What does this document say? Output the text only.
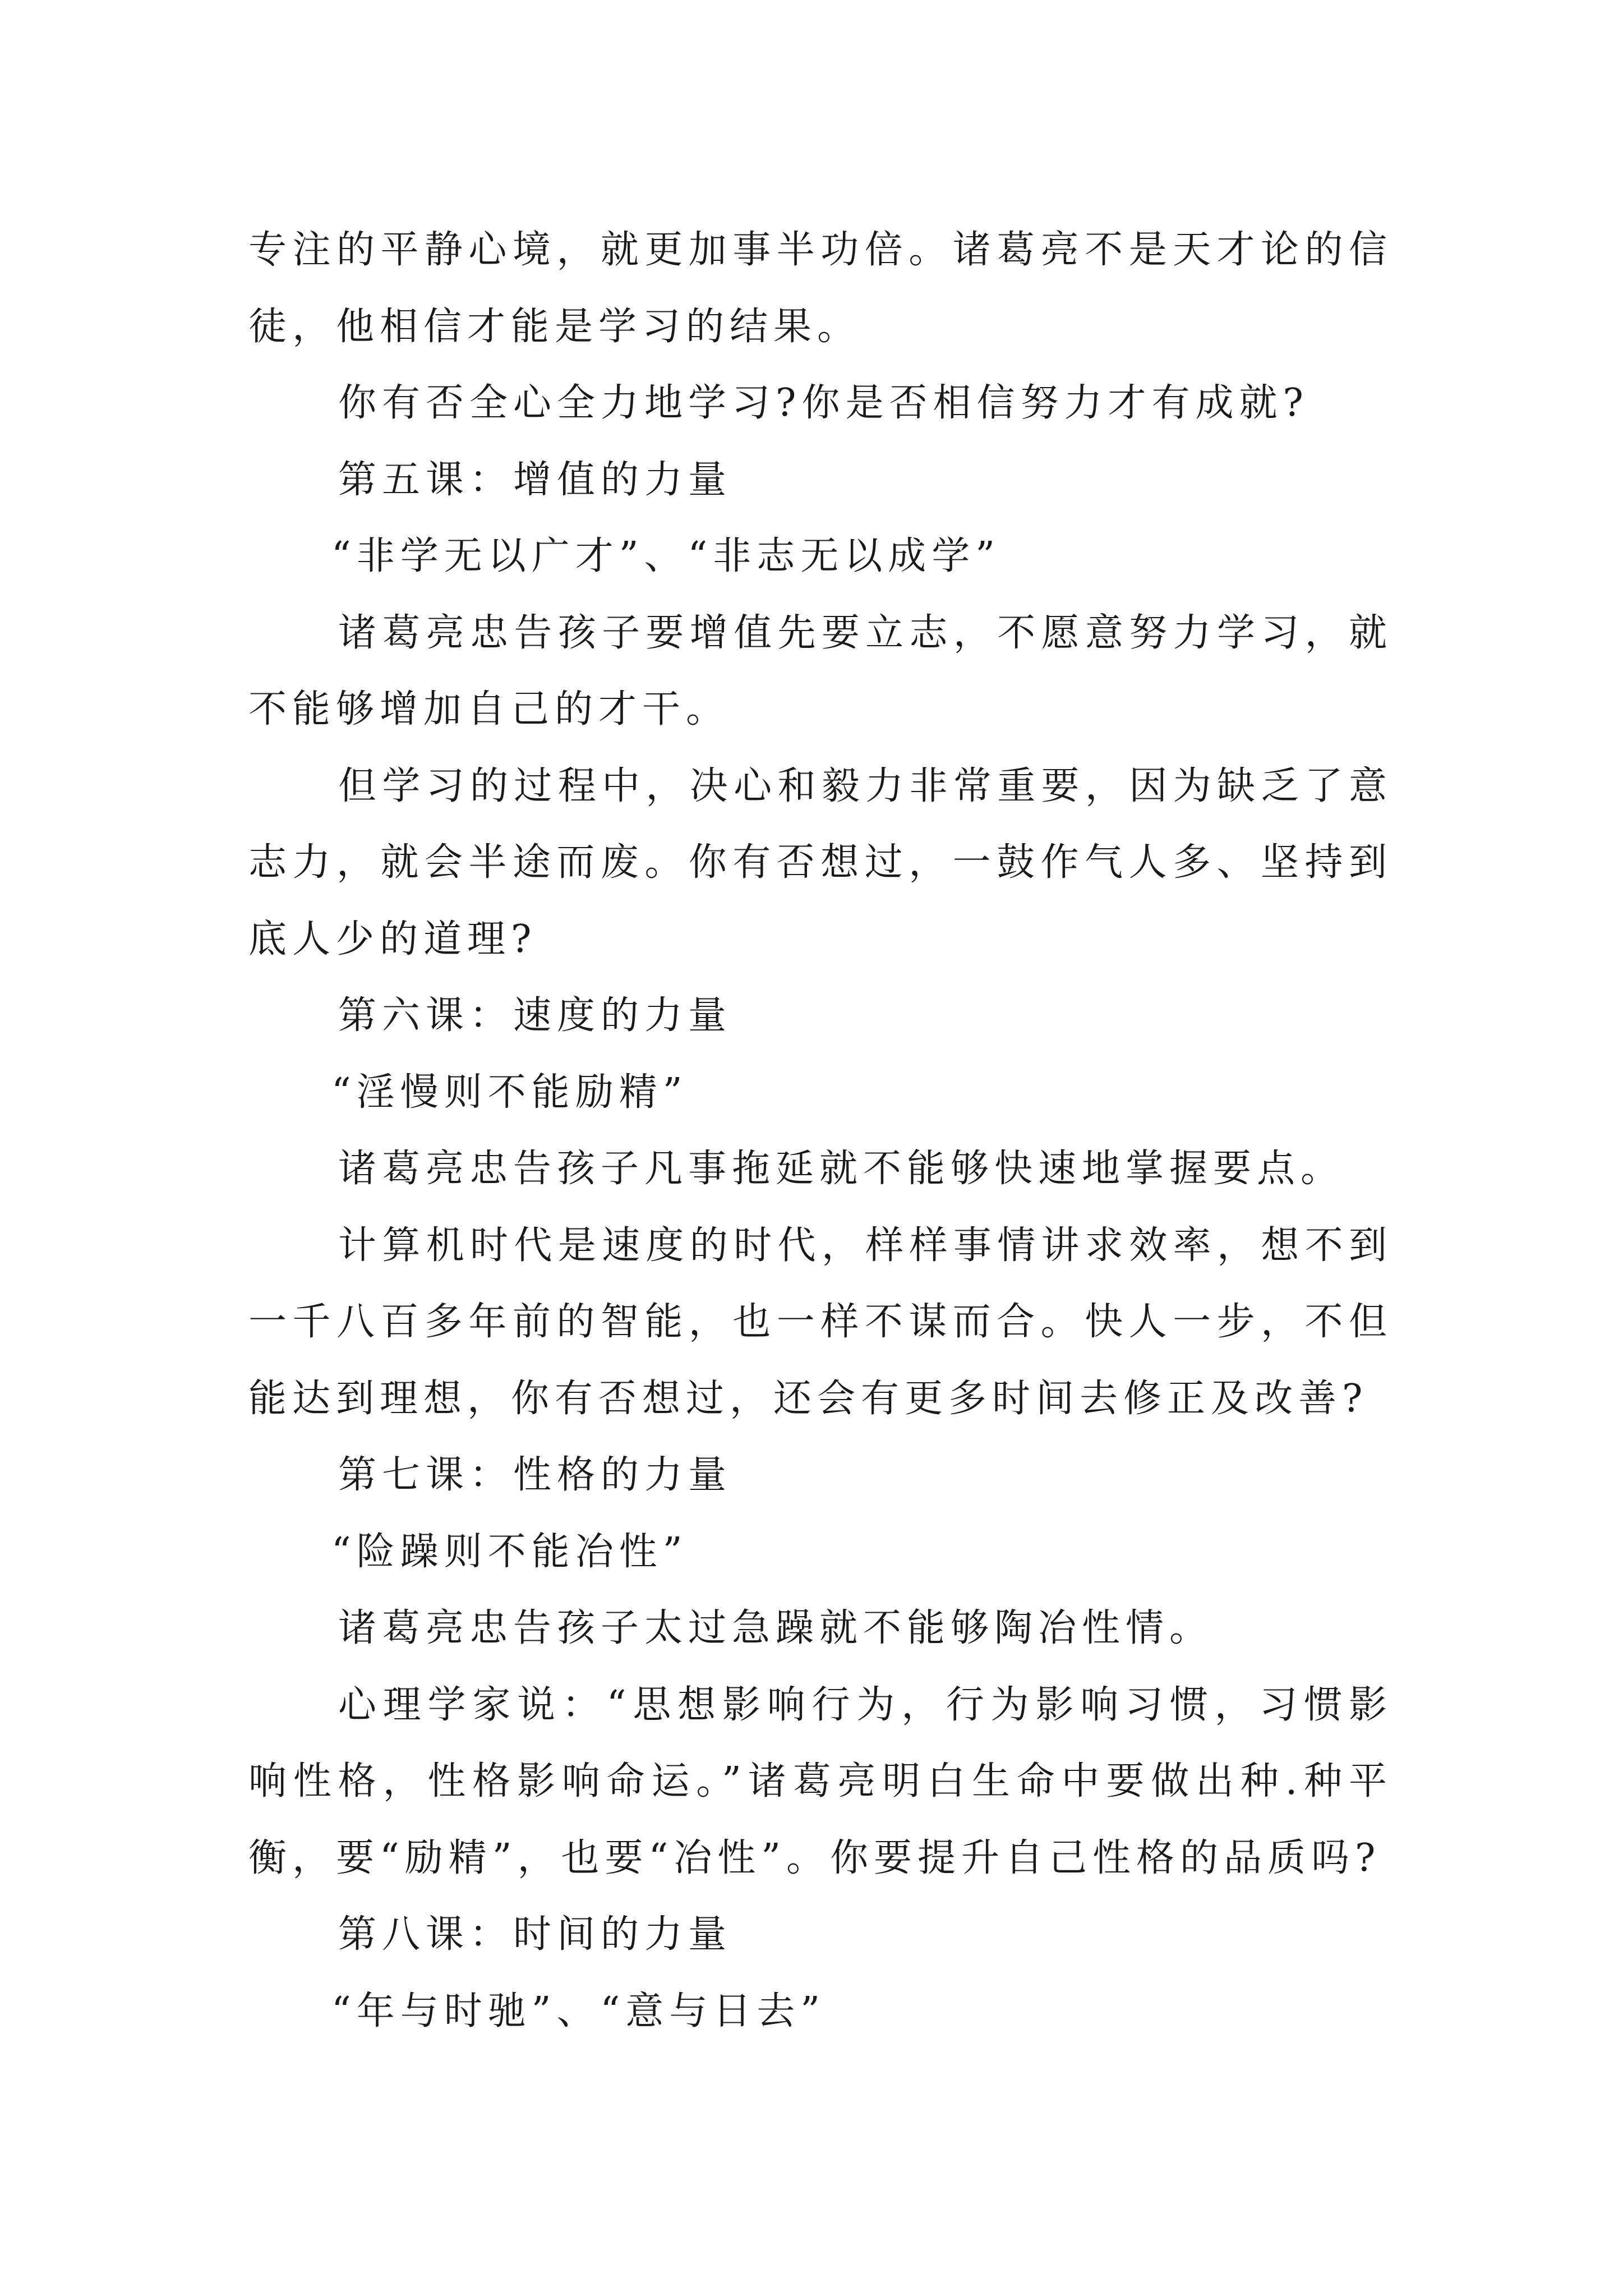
专注的平静心境，就更加事半功倍。诸葛亮不是天才论的信徒，他相信才能是学习的结果。

你有否全心全力地学习?你是否相信努力才有成就?

第五课：增值的力量

“非学无以广才”、“非志无以成学”

诸葛亮忠告孩子要增值先要立志，不愿意努力学习，就不能够增加自己的才干。

但学习的过程中，决心和毅力非常重要，因为缺乏了意志力，就会半途而废。你有否想过，一鼓作气人多、坚持到底人少的道理?

第六课：速度的力量

“淫慢则不能励精”

诸葛亮忠告孩子凡事拖延就不能够快速地掌握要点。

计算机时代是速度的时代，样样事情讲求效率，想不到一千八百多年前的智能，也一样不谋而合。快人一步，不但能达到理想，你有否想过，还会有更多时间去修正及改善?

第七课：性格的力量

“险躁则不能冶性”

诸葛亮忠告孩子太过急躁就不能够陶冶性情。

心理学家说：“思想影响行为，行为影响习惯，习惯影响性格，性格影响命运。”诸葛亮明白生命中要做出种.种平衡，要“励精”，也要“冶性”。你要提升自己性格的品质吗?

第八课：时间的力量

“年与时驰”、“意与日去”
